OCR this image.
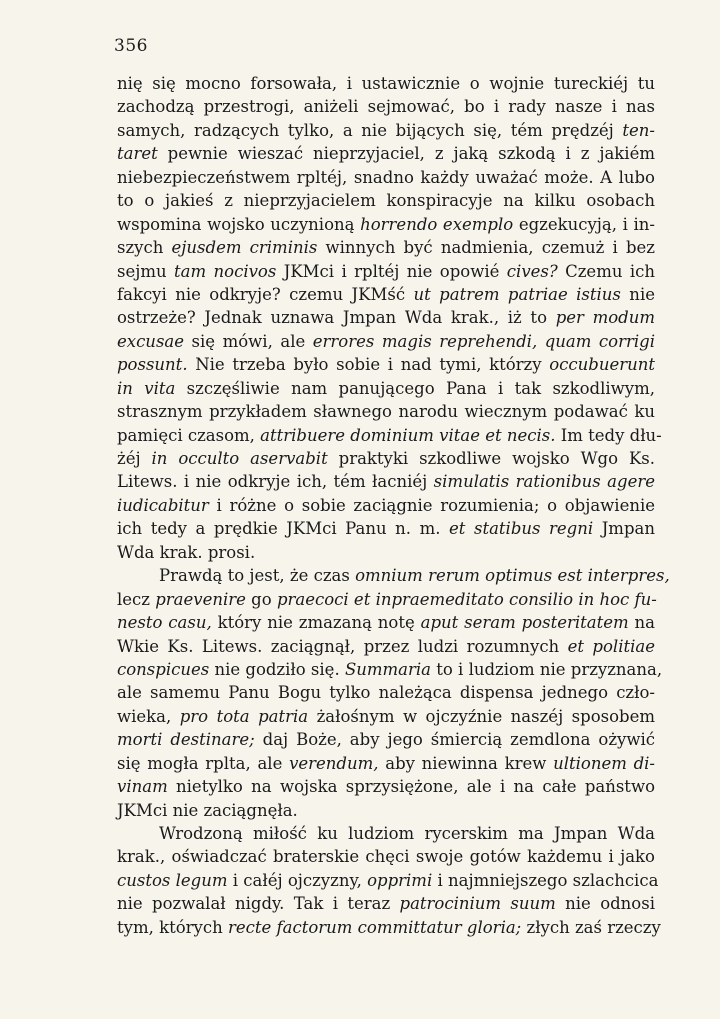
356
nię się mocno forsowała, i ustawicznie o wojnie tureckiéj tu
zachodzą przestrogi, aniżeli sejmować, bo i rady nasze i nas
samych, radzących tylko, a nie bijących się, tém prędzéj ten-
taret pewnie wieszać nieprzyjaciel, z jaką szkodą i z jakiém
niebezpieczeństwem rpltéj, snadno każdy uważać może. A lubo
to o jakieś z nieprzyjacielem konspiracyje na kilku osobach
wspomina wojsko uczynioną horrendo exemplo egzekucyją, i in-
szych ejusdem criminis winnych być nadmienia, czemuż i bez
sejmu tam nocivos JKMci i rpltéj nie opowié cives? Czemu ich
fakcyi nie odkryje? czemu JKMść ut patrem patriae istius nie
ostrzeże? Jednak uznawa Jmpan Wda krak., iż to per modum
excusae się mówi, ale errores magis reprehendi, quam corrigi
possunt. Nie trzeba było sobie i nad tymi, którzy occubuerunt
in vita szczęśliwie nam panującego Pana i tak szkodliwym,
strasznym przykładem sławnego narodu wiecznym podawać ku
pamięci czasom, attribuere dominium vitae et necis. Im tedy dłu-
żéj in occulto aservabit praktyki szkodliwe wojsko Wgo Ks.
Litews. i nie odkryje ich, tém łacniéj simulatis rationibus agere
iudicabitur i różne o sobie zaciągnie rozumienia; o objawienie
ich tedy a prędkie JKMci Panu n. m. et statibus regni Jmpan
Wda krak. prosi.
Prawdą to jest, że czas omnium rerum optimus est interpres,
lecz praevenire go praecoci et inpraemeditato consilio in hoc fu-
nesto casu, który nie zmazaną notę aput seram posteritatem na
Wkie Ks. Litews. zaciągnął, przez ludzi rozumnych et politiae
conspicues nie godziło się. Summaria to i ludziom nie przyznana,
ale samemu Panu Bogu tylko należąca dispensa jednego czło-
wieka, pro tota patria żałośnym w ojczyźnie naszéj sposobem
morti destinare; daj Boże, aby jego śmiercią zemdlona ożywić
się mogła rplta, ale verendum, aby niewinna krew ultionem di-
vinam nietylko na wojska sprzysiężone, ale i na całe państwo
JKMci nie zaciągnęła.
Wrodzoną miłość ku ludziom rycerskim ma Jmpan Wda
krak., oświadczać braterskie chęci swoje gotów każdemu i jako
custos legum i całéj ojczyzny, opprimi i najmniejszego szlachcica
nie pozwalał nigdy. Tak i teraz patrocinium suum nie odnosi
tym, których recte factorum committatur gloria; złych zaś rzeczy
